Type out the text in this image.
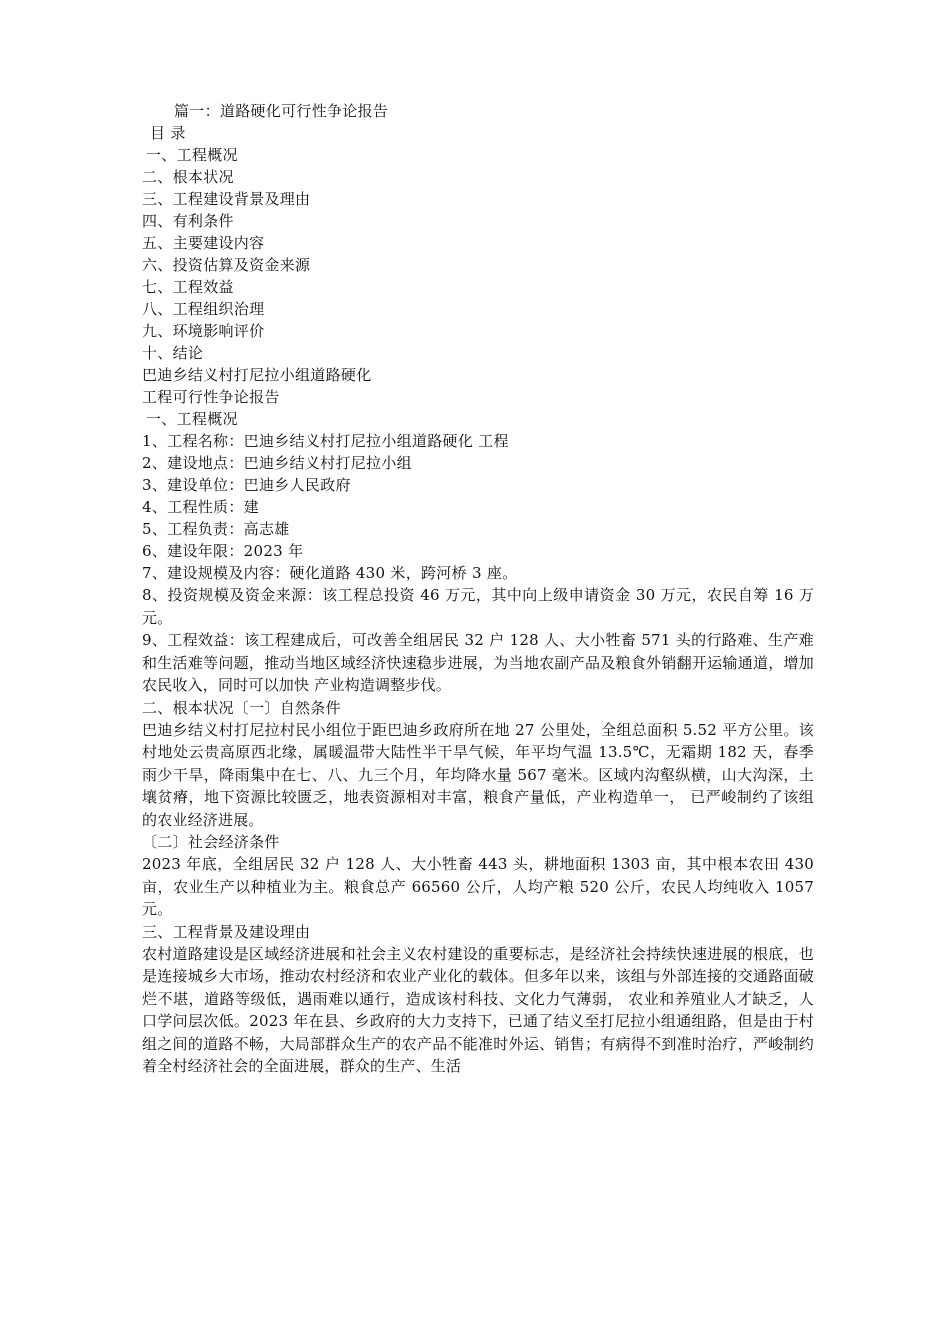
篇一：道路硬化可行性争论报告
目 录
一、工程概况
二、根本状况
三、工程建设背景及理由
四、有利条件
五、主要建设内容
六、投资估算及资金来源
七、工程效益
八、工程组织治理
九、环境影响评价
十、结论
巴迪乡结义村打尼拉小组道路硬化
工程可行性争论报告
一、工程概况
1、工程名称：巴迪乡结义村打尼拉小组道路硬化 工程
2、建设地点：巴迪乡结义村打尼拉小组
3、建设单位：巴迪乡人民政府
4、工程性质：建
5、工程负责：高志雄
6、建设年限：2023 年
7、建设规模及内容：硬化道路 430 米，跨河桥 3 座。
8、投资规模及资金来源：该工程总投资 46 万元，其中向上级申请资金 30 万元，农民自筹 16 万元。
9、工程效益：该工程建成后，可改善全组居民 32 户 128 人、大小牲畜 571 头的行路难、生产难和生活难等问题，推动当地区域经济快速稳步进展，为当地农副产品及粮食外销翻开运输通道，增加农民收入，同时可以加快 产业构造调整步伐。
二、根本状况〔一〕自然条件
巴迪乡结义村打尼拉村民小组位于距巴迪乡政府所在地 27 公里处，全组总面积 5.52 平方公里。该村地处云贵高原西北缘，属暖温带大陆性半干旱气候，年平均气温 13.5℃，无霜期 182 天，春季雨少干旱，降雨集中在七、八、九三个月，年均降水量 567 毫米。区域内沟壑纵横，山大沟深，土壤贫瘠，地下资源比较匮乏，地表资源相对丰富，粮食产量低，产业构造单一， 已严峻制约了该组的农业经济进展。
〔二〕社会经济条件
2023 年底，全组居民 32 户 128 人、大小牲畜 443 头，耕地面积 1303 亩，其中根本农田 430 亩，农业生产以种植业为主。粮食总产 66560 公斤，人均产粮 520 公斤，农民人均纯收入 1057 元。
三、工程背景及建设理由
农村道路建设是区域经济进展和社会主义农村建设的重要标志，是经济社会持续快速进展的根底，也是连接城乡大市场，推动农村经济和农业产业化的载体。但多年以来，该组与外部连接的交通路面破烂不堪，道路等级低，遇雨难以通行，造成该村科技、文化力气薄弱， 农业和养殖业人才缺乏，人口学问层次低。2023 年在县、乡政府的大力支持下，已通了结义至打尼拉小组通组路，但是由于村组之间的道路不畅，大局部群众生产的农产品不能准时外运、销售；有病得不到准时治疗，严峻制约着全村经济社会的全面进展，群众的生产、生活
